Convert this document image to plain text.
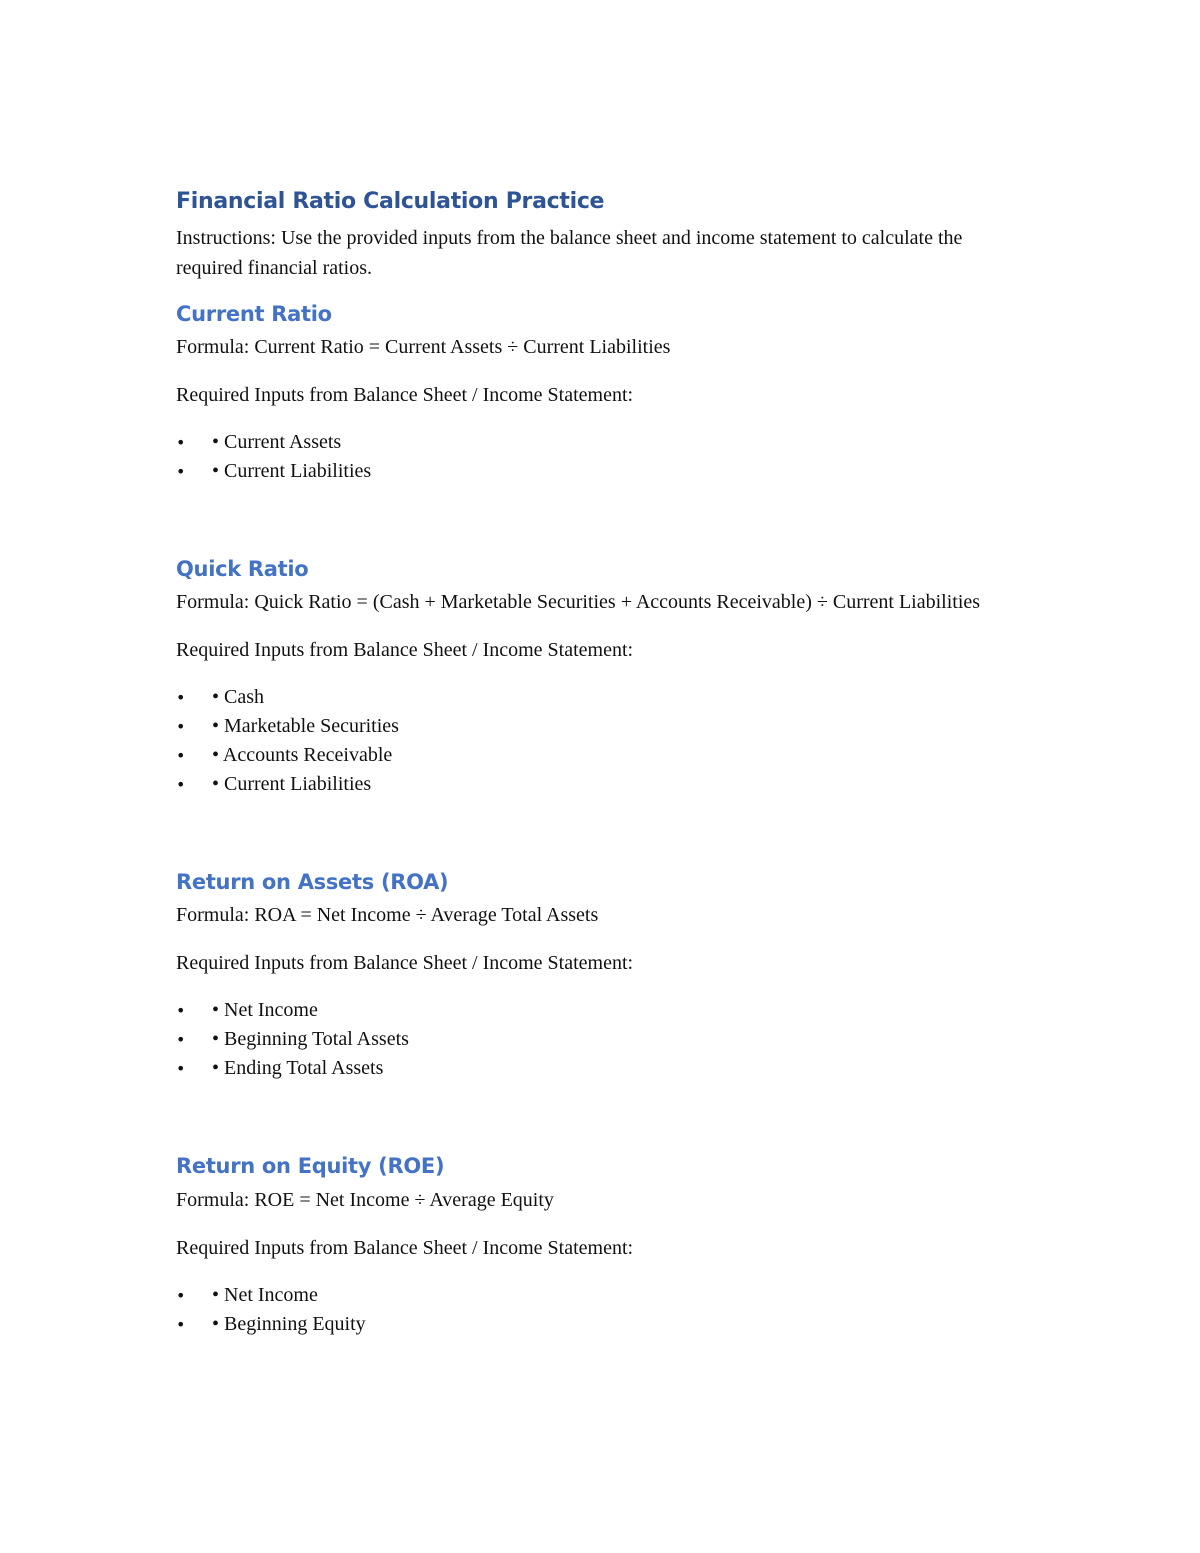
Financial Ratio Calculation Practice

Instructions: Use the provided inputs from the balance sheet and income statement to calculate the required financial ratios.

Current Ratio

Formula: Current Ratio = Current Assets ÷ Current Liabilities

Required Inputs from Balance Sheet / Income Statement:

• • Current Assets
• • Current Liabilities
Quick Ratio

Formula: Quick Ratio = (Cash + Marketable Securities + Accounts Receivable) ÷ Current Liabilities

Required Inputs from Balance Sheet / Income Statement:

• • Cash
• • Marketable Securities
• • Accounts Receivable
• • Current Liabilities
Return on Assets (ROA)

Formula: ROA = Net Income ÷ Average Total Assets

Required Inputs from Balance Sheet / Income Statement:

• • Net Income
• • Beginning Total Assets
• • Ending Total Assets
Return on Equity (ROE)

Formula: ROE = Net Income ÷ Average Equity

Required Inputs from Balance Sheet / Income Statement:

• • Net Income
• • Beginning Equity
